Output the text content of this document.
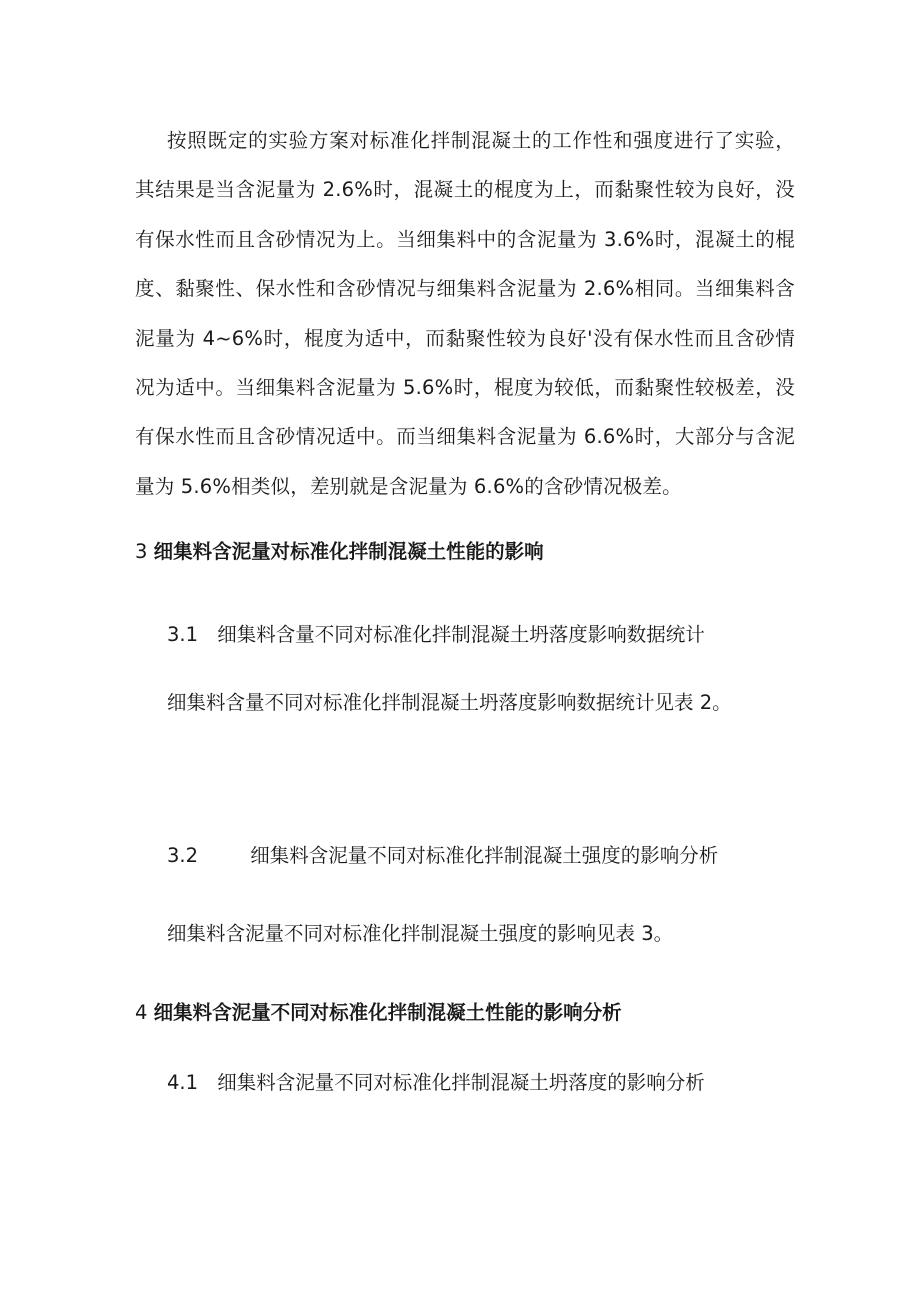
按照既定的实验方案对标准化拌制混凝土的工作性和强度进行了实验，其结果是当含泥量为 2.6%时，混凝土的棍度为上，而黏聚性较为良好，没有保水性而且含砂情况为上。当细集料中的含泥量为 3.6%时，混凝土的棍度、黏聚性、保水性和含砂情况与细集料含泥量为 2.6%相同。当细集料含泥量为 4~6%时，棍度为适中，而黏聚性较为良好'没有保水性而且含砂情况为适中。当细集料含泥量为 5.6%时，棍度为较低，而黏聚性较极差，没有保水性而且含砂情况适中。而当细集料含泥量为 6.6%时，大部分与含泥量为 5.6%相类似，差别就是含泥量为 6.6%的含砂情况极差。

3 细集料含泥量对标准化拌制混凝土性能的影响

3.1 细集料含量不同对标准化拌制混凝土坍落度影响数据统计

细集料含量不同对标准化拌制混凝土坍落度影响数据统计见表 2。

3.2	细集料含泥量不同对标准化拌制混凝土强度的影响分析

细集料含泥量不同对标准化拌制混凝土强度的影响见表 3。

4 细集料含泥量不同对标准化拌制混凝土性能的影响分析

4.1 细集料含泥量不同对标准化拌制混凝土坍落度的影响分析
